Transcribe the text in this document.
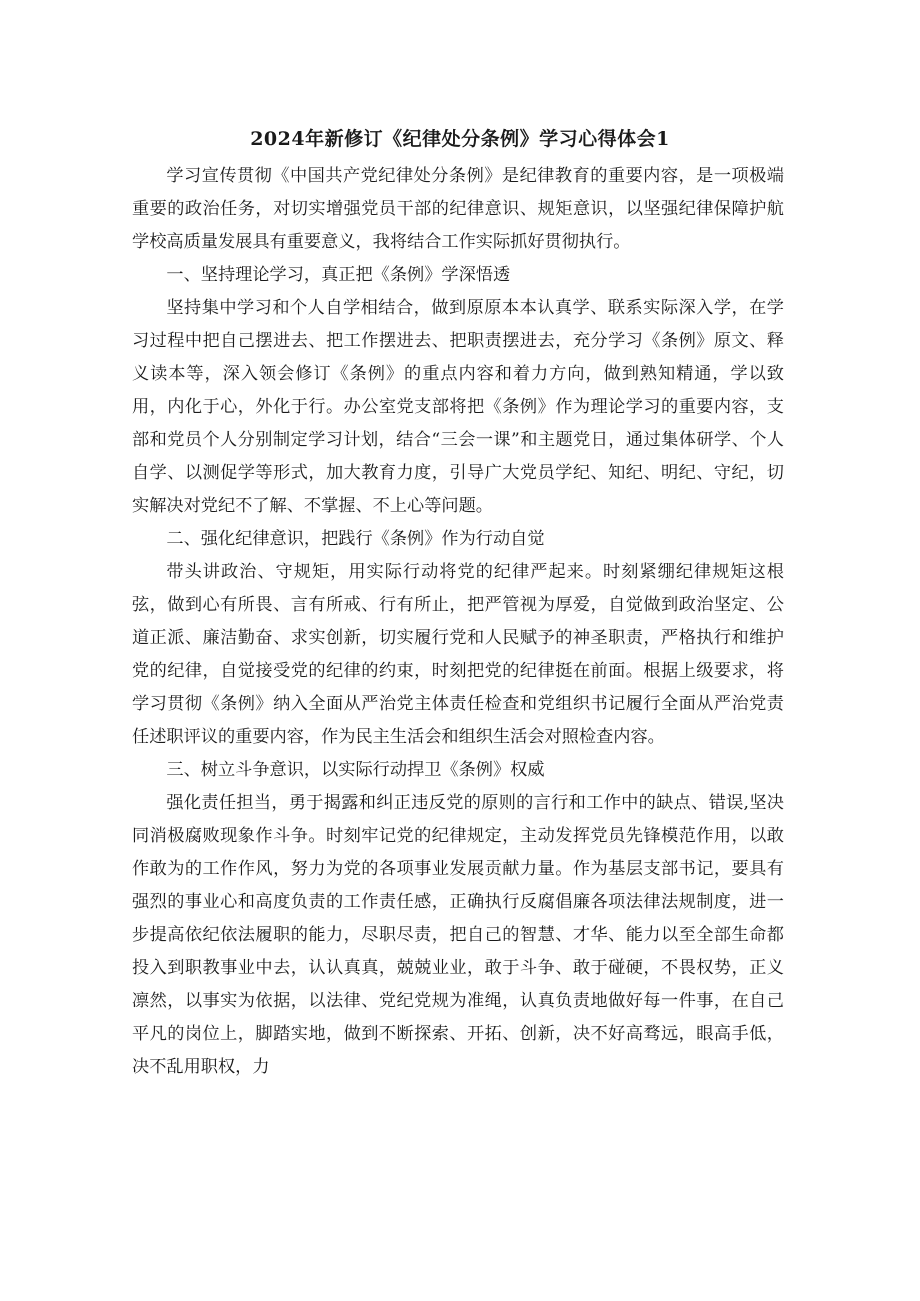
2024年新修订《纪律处分条例》学习心得体会1

学习宣传贯彻《中国共产党纪律处分条例》是纪律教育的重要内容，是一项极端重要的政治任务，对切实增强党员干部的纪律意识、规矩意识，以坚强纪律保障护航学校高质量发展具有重要意义，我将结合工作实际抓好贯彻执行。

一、坚持理论学习，真正把《条例》学深悟透

坚持集中学习和个人自学相结合，做到原原本本认真学、联系实际深入学，在学习过程中把自己摆进去、把工作摆进去、把职责摆进去，充分学习《条例》原文、释义读本等，深入领会修订《条例》的重点内容和着力方向，做到熟知精通，学以致用，内化于心，外化于行。办公室党支部将把《条例》作为理论学习的重要内容，支部和党员个人分别制定学习计划，结合“三会一课”和主题党日，通过集体研学、个人自学、以测促学等形式，加大教育力度，引导广大党员学纪、知纪、明纪、守纪，切实解决对党纪不了解、不掌握、不上心等问题。

二、强化纪律意识，把践行《条例》作为行动自觉

带头讲政治、守规矩，用实际行动将党的纪律严起来。时刻紧绷纪律规矩这根弦，做到心有所畏、言有所戒、行有所止，把严管视为厚爱，自觉做到政治坚定、公道正派、廉洁勤奋、求实创新，切实履行党和人民赋予的神圣职责，严格执行和维护党的纪律，自觉接受党的纪律的约束，时刻把党的纪律挺在前面。根据上级要求，将学习贯彻《条例》纳入全面从严治党主体责任检查和党组织书记履行全面从严治党责任述职评议的重要内容，作为民主生活会和组织生活会对照检查内容。

三、树立斗争意识，以实际行动捍卫《条例》权威

强化责任担当，勇于揭露和纠正违反党的原则的言行和工作中的缺点、错误,坚决同消极腐败现象作斗争。时刻牢记党的纪律规定，主动发挥党员先锋模范作用，以敢作敢为的工作作风，努力为党的各项事业发展贡献力量。作为基层支部书记，要具有强烈的事业心和高度负责的工作责任感，正确执行反腐倡廉各项法律法规制度，进一步提高依纪依法履职的能力，尽职尽责，把自己的智慧、才华、能力以至全部生命都投入到职教事业中去，认认真真，兢兢业业，敢于斗争、敢于碰硬，不畏权势，正义凛然，以事实为依据，以法律、党纪党规为准绳，认真负责地做好每一件事，在自己平凡的岗位上，脚踏实地，做到不断探索、开拓、创新，决不好高骛远，眼高手低，决不乱用职权，力
